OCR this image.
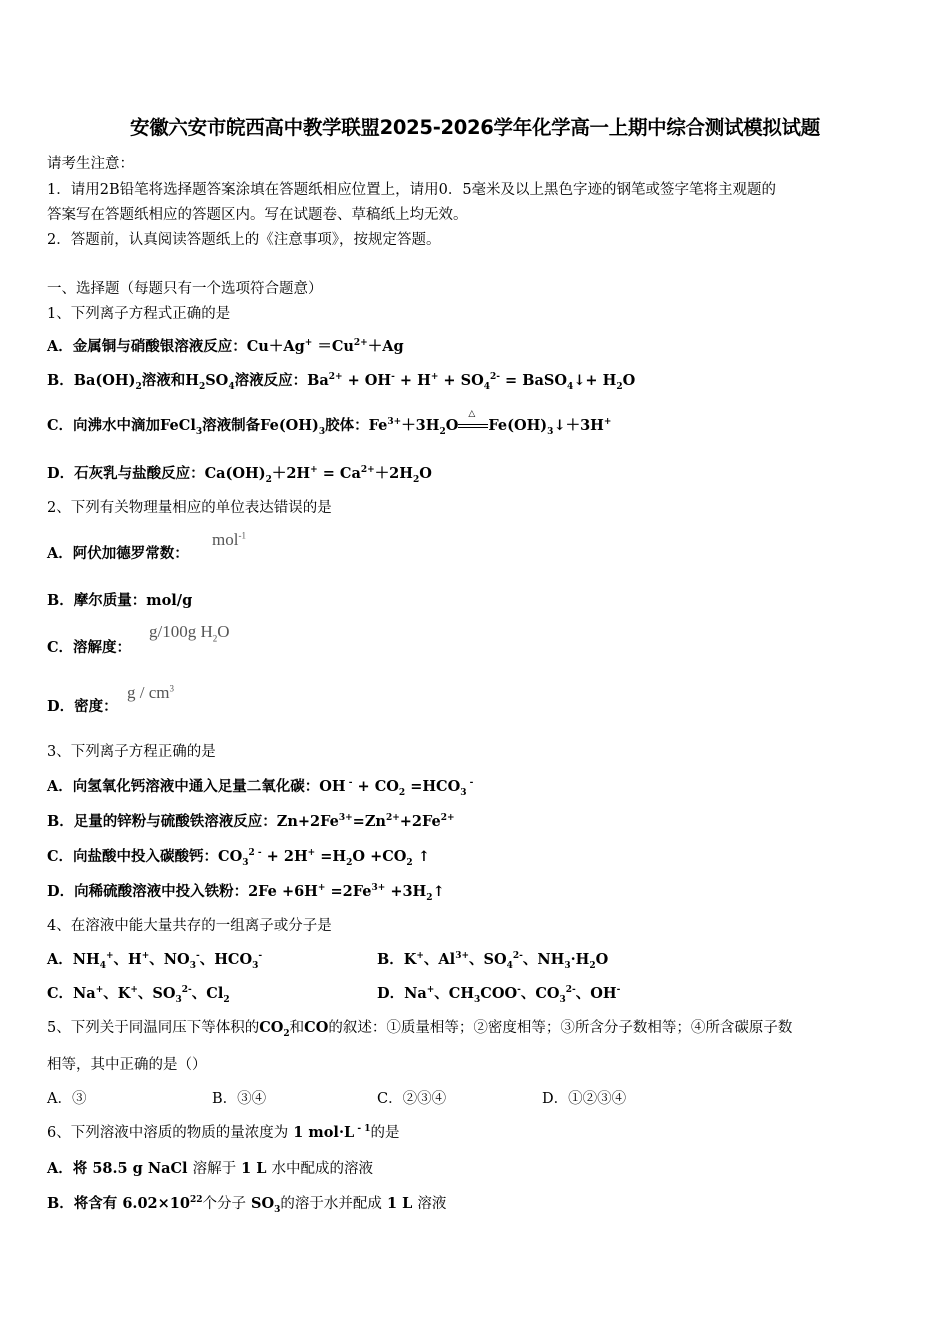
安徽六安市皖西高中教学联盟2025-2026学年化学高一上期中综合测试模拟试题
请考生注意：
1．请用2B铅笔将选择题答案涂填在答题纸相应位置上，请用0．5毫米及以上黑色字迹的钢笔或签字笔将主观题的
答案写在答题纸相应的答题区内。写在试题卷、草稿纸上均无效。
2．答题前，认真阅读答题纸上的《注意事项》，按规定答题。
一、选择题（每题只有一个选项符合题意）
1、下列离子方程式正确的是
A．金属铜与硝酸银溶液反应：$Cu+Ag^+ =Cu^{2+}+Ag$
B．$Ba(OH)_2$溶液和$H_2SO_4$溶液反应：$Ba^{2+} + OH^- + H^+ + SO_4^{2-}$ = BaSO$_4$↓+ $H_2O$
C．向沸水中滴加FeCl$_3$溶液制备$Fe(OH)_3$胶体：$Fe^{3+}+3H_2O$
△
$Fe(OH)_3↓+3H^+$
D．石灰乳与盐酸反应：$Ca(OH)_2+2H^+ = Ca^{2+}+2H_2O$
2、下列有关物理量相应的单位表达错误的是
A．阿伏加德罗常数：
mol$^{-1}$
B．摩尔质量：mol/g
C．溶解度：
g/100g $H_2O$
D．密度：
g / $cm^3$
3、下列离子方程正确的是
A．向氢氧化钙溶液中通入足量二氧化碳：OH $^- + CO_2 =HCO_3$ -
B．足量的锌粉与硫酸铁溶液反应：$Zn+2Fe^{3+}=Zn^{2+}+2Fe^{2+}$
C．向盐酸中投入碳酸钙：$CO_3^{2 -} + 2H^+ =H_2O +CO_2$ ↑
D．向稀硫酸溶液中投入铁粉：$2Fe +6H^+ =2Fe^{3+}$ $+3H_2↑$
4、在溶液中能大量共存的一组离子或分子是
A．$NH_4^+$、H+、$NO_3^-$、$HCO_3^-$	B．K+、$Al^{3+}$、$SO_4^{2-}$、$NH_3\cdot H_2O$
C．Na+、K+、$SO_3^{2-}$、$Cl_2$	D．Na+、$CH_3COO^-$、$CO_3^{2-}$、OH-
5、下列关于同温同压下等体积的$CO_2$和CO的叙述：①质量相等；②密度相等；③所含分子数相等；④所含碳原子数
相等，其中正确的是（）
A．③	B．③④	C．②③④	D．①②③④
6、下列溶液中溶质的物质的量浓度为 1 mol·L $^{- 1}$的是
A．将 58.5 g NaCl 溶解于 1 L 水中配成的溶液
B．将含有 $6.02\times 10^{22}$个分子 $SO_3$的溶于水并配成 1 L 溶液
